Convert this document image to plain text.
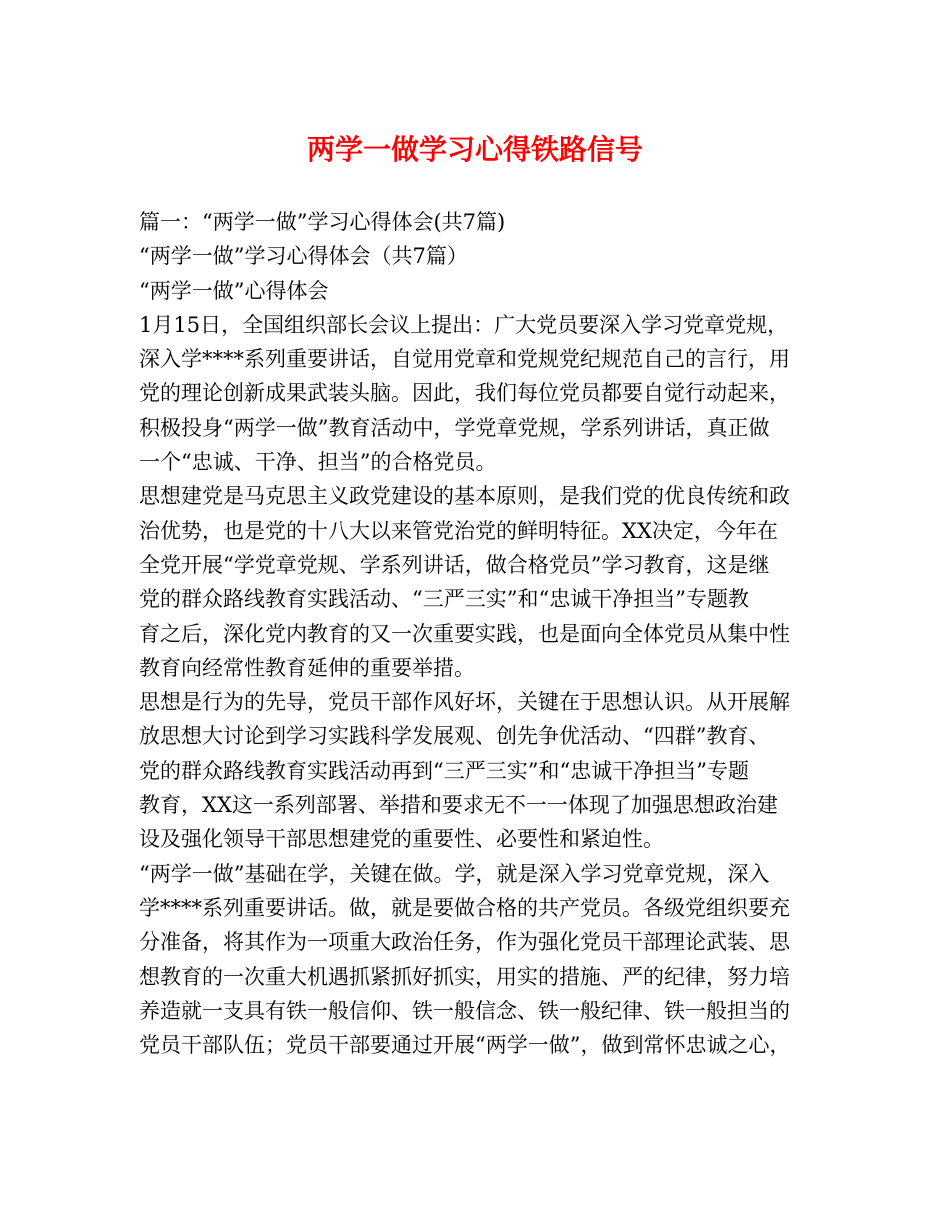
两学一做学习心得铁路信号
篇一：“两学一做”学习心得体会(共7篇)
“两学一做”学习心得体会（共7篇）
“两学一做”心得体会
1月15日，全国组织部长会议上提出：广大党员要深入学习党章党规，
深入学****系列重要讲话，自觉用党章和党规党纪规范自己的言行，用
党的理论创新成果武装头脑。因此，我们每位党员都要自觉行动起来，
积极投身“两学一做”教育活动中，学党章党规，学系列讲话，真正做
一个“忠诚、干净、担当”的合格党员。
思想建党是马克思主义政党建设的基本原则，是我们党的优良传统和政
治优势，也是党的十八大以来管党治党的鲜明特征。XX决定，今年在
全党开展“学党章党规、学系列讲话，做合格党员”学习教育，这是继
党的群众路线教育实践活动、“三严三实”和“忠诚干净担当”专题教
育之后，深化党内教育的又一次重要实践，也是面向全体党员从集中性
教育向经常性教育延伸的重要举措。
思想是行为的先导，党员干部作风好坏，关键在于思想认识。从开展解
放思想大讨论到学习实践科学发展观、创先争优活动、“四群”教育、
党的群众路线教育实践活动再到“三严三实”和“忠诚干净担当”专题
教育，XX这一系列部署、举措和要求无不一一体现了加强思想政治建
设及强化领导干部思想建党的重要性、必要性和紧迫性。
“两学一做”基础在学，关键在做。学，就是深入学习党章党规，深入
学****系列重要讲话。做，就是要做合格的共产党员。各级党组织要充
分准备，将其作为一项重大政治任务，作为强化党员干部理论武装、思
想教育的一次重大机遇抓紧抓好抓实，用实的措施、严的纪律，努力培
养造就一支具有铁一般信仰、铁一般信念、铁一般纪律、铁一般担当的
党员干部队伍；党员干部要通过开展“两学一做”，做到常怀忠诚之心，
